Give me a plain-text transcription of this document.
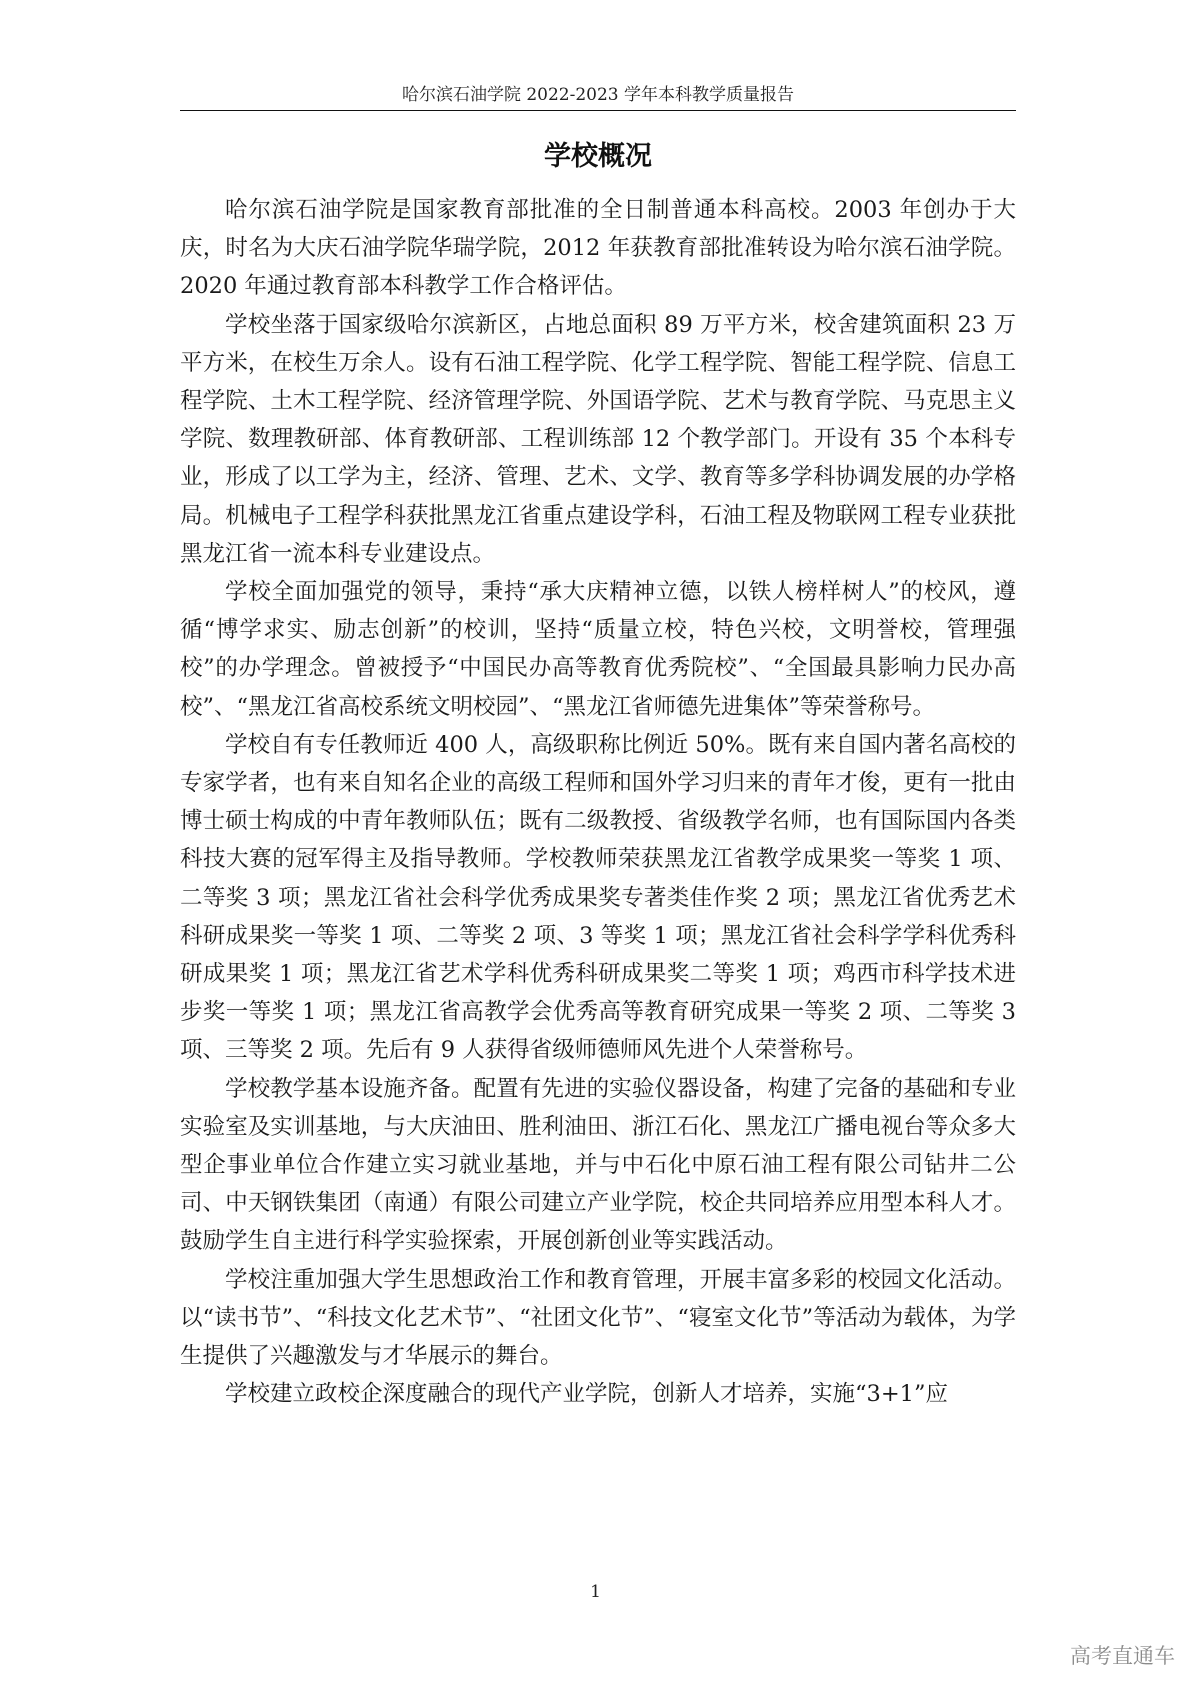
哈尔滨石油学院 2022-2023 学年本科教学质量报告
学校概况

哈尔滨石油学院是国家教育部批准的全日制普通本科高校。2003 年创办于大庆，时名为大庆石油学院华瑞学院，2012 年获教育部批准转设为哈尔滨石油学院。2020 年通过教育部本科教学工作合格评估。

学校坐落于国家级哈尔滨新区，占地总面积 89 万平方米，校舍建筑面积 23 万平方米，在校生万余人。设有石油工程学院、化学工程学院、智能工程学院、信息工程学院、土木工程学院、经济管理学院、外国语学院、艺术与教育学院、马克思主义学院、数理教研部、体育教研部、工程训练部 12 个教学部门。开设有 35 个本科专业，形成了以工学为主，经济、管理、艺术、文学、教育等多学科协调发展的办学格局。机械电子工程学科获批黑龙江省重点建设学科，石油工程及物联网工程专业获批黑龙江省一流本科专业建设点。

学校全面加强党的领导，秉持“承大庆精神立德，以铁人榜样树人”的校风，遵循“博学求实、励志创新”的校训，坚持“质量立校，特色兴校，文明誉校，管理强校”的办学理念。曾被授予“中国民办高等教育优秀院校”、“全国最具影响力民办高校”、“黑龙江省高校系统文明校园”、“黑龙江省师德先进集体”等荣誉称号。

学校自有专任教师近 400 人，高级职称比例近 50%。既有来自国内著名高校的专家学者，也有来自知名企业的高级工程师和国外学习归来的青年才俊，更有一批由博士硕士构成的中青年教师队伍；既有二级教授、省级教学名师，也有国际国内各类科技大赛的冠军得主及指导教师。学校教师荣获黑龙江省教学成果奖一等奖 1 项、二等奖 3 项；黑龙江省社会科学优秀成果奖专著类佳作奖 2 项；黑龙江省优秀艺术科研成果奖一等奖 1 项、二等奖 2 项、3 等奖 1 项；黑龙江省社会科学学科优秀科研成果奖 1 项；黑龙江省艺术学科优秀科研成果奖二等奖 1 项；鸡西市科学技术进步奖一等奖 1 项；黑龙江省高教学会优秀高等教育研究成果一等奖 2 项、二等奖 3 项、三等奖 2 项。先后有 9 人获得省级师德师风先进个人荣誉称号。

学校教学基本设施齐备。配置有先进的实验仪器设备，构建了完备的基础和专业实验室及实训基地，与大庆油田、胜利油田、浙江石化、黑龙江广播电视台等众多大型企事业单位合作建立实习就业基地，并与中石化中原石油工程有限公司钻井二公司、中天钢铁集团（南通）有限公司建立产业学院，校企共同培养应用型本科人才。鼓励学生自主进行科学实验探索，开展创新创业等实践活动。

学校注重加强大学生思想政治工作和教育管理，开展丰富多彩的校园文化活动。以“读书节”、“科技文化艺术节”、“社团文化节”、“寝室文化节”等活动为载体，为学生提供了兴趣激发与才华展示的舞台。

学校建立政校企深度融合的现代产业学院，创新人才培养，实施“3+1”应

1
高考直通车
